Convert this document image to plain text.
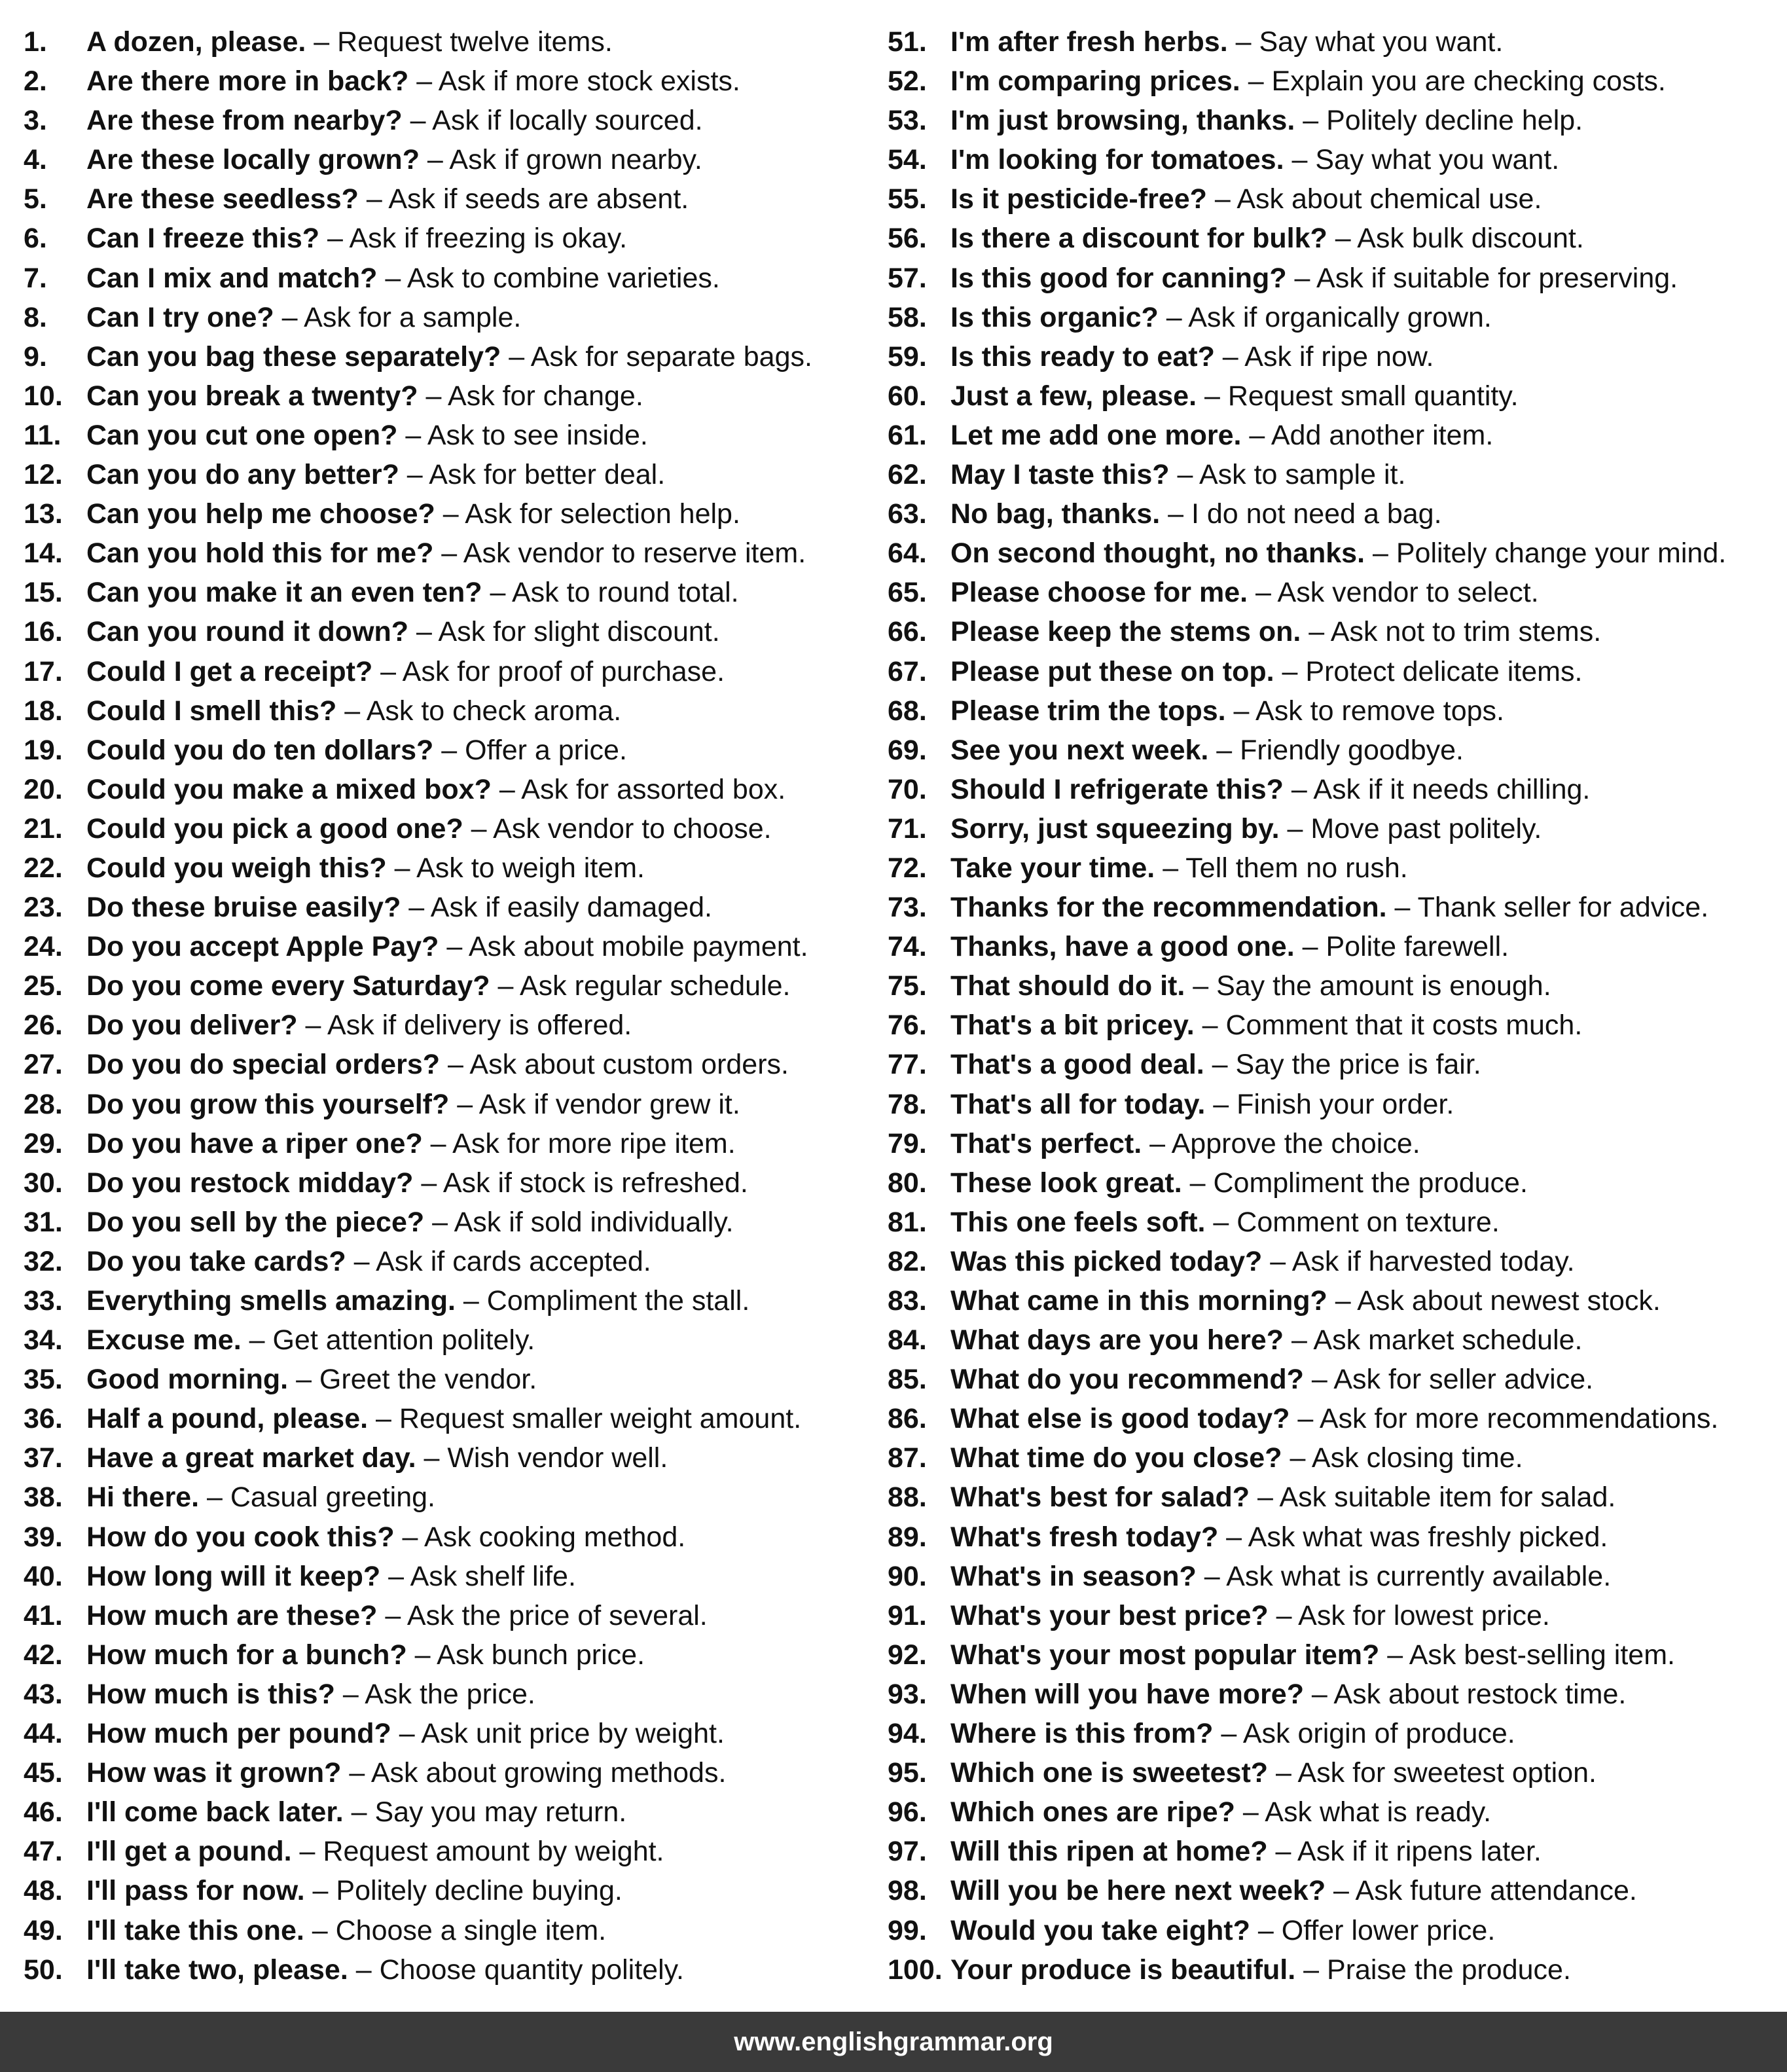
1. A dozen, please. – Request twelve items.
2. Are there more in back? – Ask if more stock exists.
3. Are these from nearby? – Ask if locally sourced.
4. Are these locally grown? – Ask if grown nearby.
5. Are these seedless? – Ask if seeds are absent.
6. Can I freeze this? – Ask if freezing is okay.
7. Can I mix and match? – Ask to combine varieties.
8. Can I try one? – Ask for a sample.
9. Can you bag these separately? – Ask for separate bags.
10. Can you break a twenty? – Ask for change.
11. Can you cut one open? – Ask to see inside.
12. Can you do any better? – Ask for better deal.
13. Can you help me choose? – Ask for selection help.
14. Can you hold this for me? – Ask vendor to reserve item.
15. Can you make it an even ten? – Ask to round total.
16. Can you round it down? – Ask for slight discount.
17. Could I get a receipt? – Ask for proof of purchase.
18. Could I smell this? – Ask to check aroma.
19. Could you do ten dollars? – Offer a price.
20. Could you make a mixed box? – Ask for assorted box.
21. Could you pick a good one? – Ask vendor to choose.
22. Could you weigh this? – Ask to weigh item.
23. Do these bruise easily? – Ask if easily damaged.
24. Do you accept Apple Pay? – Ask about mobile payment.
25. Do you come every Saturday? – Ask regular schedule.
26. Do you deliver? – Ask if delivery is offered.
27. Do you do special orders? – Ask about custom orders.
28. Do you grow this yourself? – Ask if vendor grew it.
29. Do you have a riper one? – Ask for more ripe item.
30. Do you restock midday? – Ask if stock is refreshed.
31. Do you sell by the piece? – Ask if sold individually.
32. Do you take cards? – Ask if cards accepted.
33. Everything smells amazing. – Compliment the stall.
34. Excuse me. – Get attention politely.
35. Good morning. – Greet the vendor.
36. Half a pound, please. – Request smaller weight amount.
37. Have a great market day. – Wish vendor well.
38. Hi there. – Casual greeting.
39. How do you cook this? – Ask cooking method.
40. How long will it keep? – Ask shelf life.
41. How much are these? – Ask the price of several.
42. How much for a bunch? – Ask bunch price.
43. How much is this? – Ask the price.
44. How much per pound? – Ask unit price by weight.
45. How was it grown? – Ask about growing methods.
46. I'll come back later. – Say you may return.
47. I'll get a pound. – Request amount by weight.
48. I'll pass for now. – Politely decline buying.
49. I'll take this one. – Choose a single item.
50. I'll take two, please. – Choose quantity politely.
51. I'm after fresh herbs. – Say what you want.
52. I'm comparing prices. – Explain you are checking costs.
53. I'm just browsing, thanks. – Politely decline help.
54. I'm looking for tomatoes. – Say what you want.
55. Is it pesticide-free? – Ask about chemical use.
56. Is there a discount for bulk? – Ask bulk discount.
57. Is this good for canning? – Ask if suitable for preserving.
58. Is this organic? – Ask if organically grown.
59. Is this ready to eat? – Ask if ripe now.
60. Just a few, please. – Request small quantity.
61. Let me add one more. – Add another item.
62. May I taste this? – Ask to sample it.
63. No bag, thanks. – I do not need a bag.
64. On second thought, no thanks. – Politely change your mind.
65. Please choose for me. – Ask vendor to select.
66. Please keep the stems on. – Ask not to trim stems.
67. Please put these on top. – Protect delicate items.
68. Please trim the tops. – Ask to remove tops.
69. See you next week. – Friendly goodbye.
70. Should I refrigerate this? – Ask if it needs chilling.
71. Sorry, just squeezing by. – Move past politely.
72. Take your time. – Tell them no rush.
73. Thanks for the recommendation. – Thank seller for advice.
74. Thanks, have a good one. – Polite farewell.
75. That should do it. – Say the amount is enough.
76. That's a bit pricey. – Comment that it costs much.
77. That's a good deal. – Say the price is fair.
78. That's all for today. – Finish your order.
79. That's perfect. – Approve the choice.
80. These look great. – Compliment the produce.
81. This one feels soft. – Comment on texture.
82. Was this picked today? – Ask if harvested today.
83. What came in this morning? – Ask about newest stock.
84. What days are you here? – Ask market schedule.
85. What do you recommend? – Ask for seller advice.
86. What else is good today? – Ask for more recommendations.
87. What time do you close? – Ask closing time.
88. What's best for salad? – Ask suitable item for salad.
89. What's fresh today? – Ask what was freshly picked.
90. What's in season? – Ask what is currently available.
91. What's your best price? – Ask for lowest price.
92. What's your most popular item? – Ask best-selling item.
93. When will you have more? – Ask about restock time.
94. Where is this from? – Ask origin of produce.
95. Which one is sweetest? – Ask for sweetest option.
96. Which ones are ripe? – Ask what is ready.
97. Will this ripen at home? – Ask if it ripens later.
98. Will you be here next week? – Ask future attendance.
99. Would you take eight? – Offer lower price.
100. Your produce is beautiful. – Praise the produce.
www.englishgrammar.org
